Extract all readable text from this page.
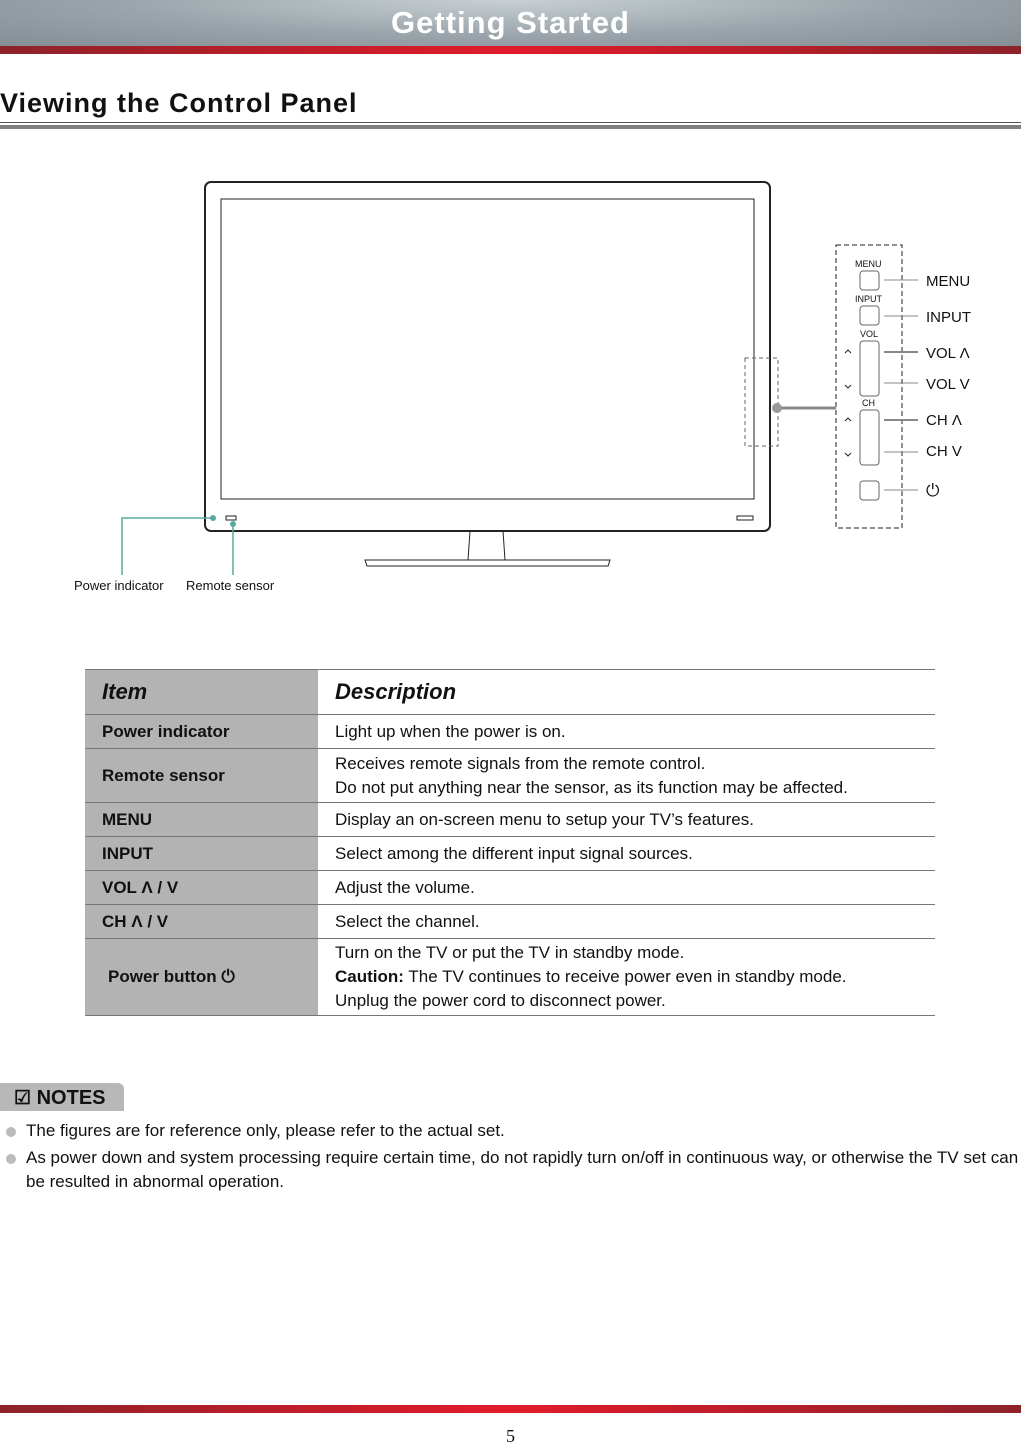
Getting Started
Viewing the Control Panel
Power indicator Remote sensor
MENU
INPUT
VOL
CH
MENU
INPUT
VOL Λ
VOL V
CH Λ
CH V
⏻
Item	Description
Power indicator	Light up when the power is on.
Remote sensor	Receives remote signals from the remote control.
Do not put anything near the sensor, as its function may be affected.

MENU	Display an on-screen menu to setup your TV’s features.
INPUT	Select among the different input signal sources.
VOL Λ / V	Adjust the volume.
CH Λ / V	Select the channel.
Power button ⏻	Turn on the TV or put the TV in standby mode.
Caution: The TV continues to receive power even in standby mode.
Unplug the power cord to disconnect power.
☑ NOTES
The figures are for reference only, please refer to the actual set.
As power down and system processing require certain time, do not rapidly turn on/off in continuous way, or otherwise the TV set can be resulted in abnormal operation.
5
